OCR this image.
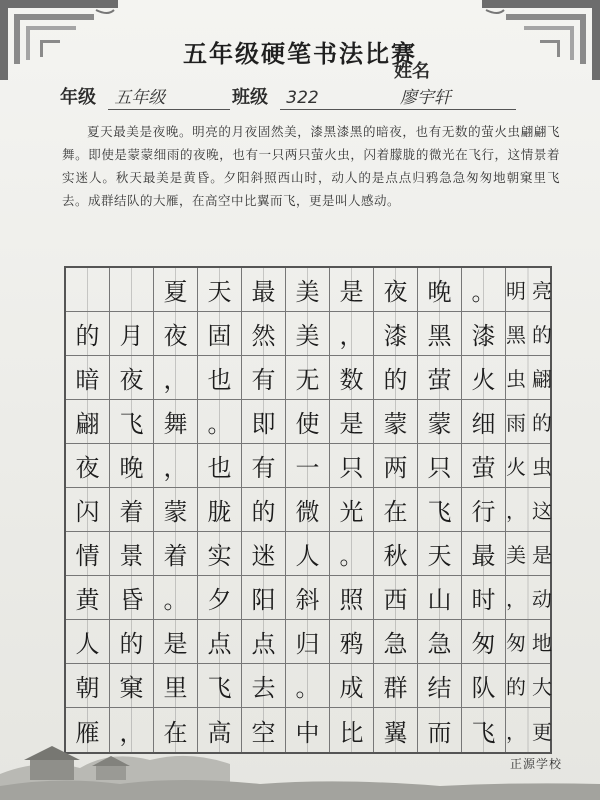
五年级硬笔书法比赛
年级 五年级	班级 322
姓名 廖宇轩
夏天最美是夜晚。明亮的月夜固然美，漆黑漆黑的暗夜，也有无数的萤火虫翩翩飞舞。即使是蒙蒙细雨的夜晚，也有一只两只萤火虫，闪着朦胧的微光在飞行，这情景着实迷人。秋天最美是黄昏。夕阳斜照西山时，动人的是点点归鸦急急匆匆地朝窠里飞去。成群结队的大雁，在高空中比翼而飞，更是叫人感动。
夏 天 最 美 是 夜 晚 。 明 亮
的 月 夜 固 然 美 ， 漆 黑 漆 黑 的
暗 夜 ， 也 有 无 数 的 萤 火 虫 翩
翩 飞 舞 。 即 使 是 蒙 蒙 细 雨 的
夜 晚 ， 也 有 一 只 两 只 萤 火 虫
闪 着 蒙 胧 的 微 光 在 飞 行 ， 这
情 景 着 实 迷 人 。 秋 天 最 美 是
黄 昏 。 夕 阳 斜 照 西 山 时 ， 动
人 的 是 点 点 归 鸦 急 急 匆 匆 地
朝 窠 里 飞 去 。 成 群 结 队 的 大
雁 ， 在 高 空 中 比 翼 而 飞 ， 更
正源学校
